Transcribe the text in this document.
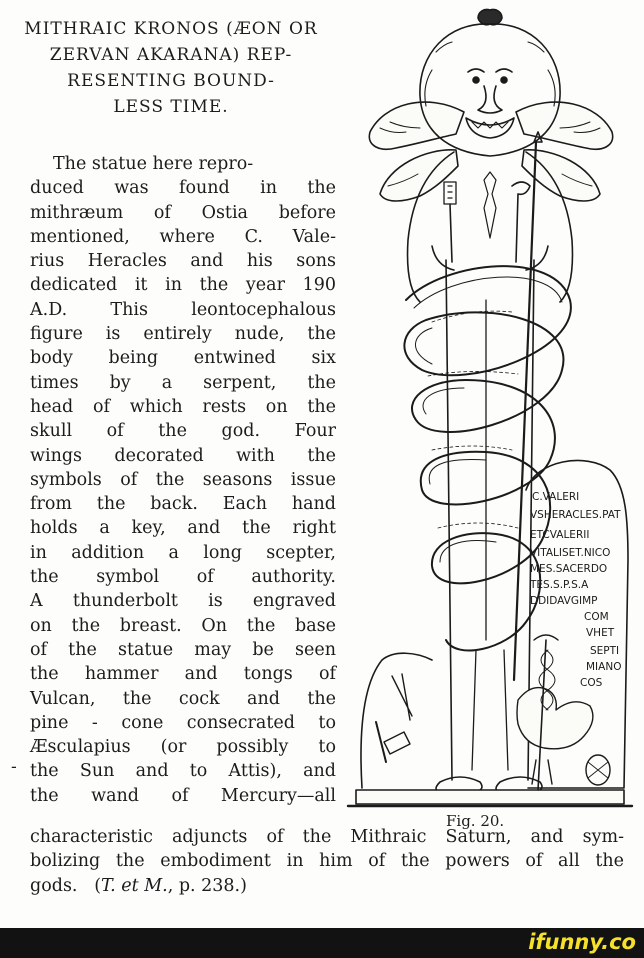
MITHRAIC KRONOS (ÆON OR
ZERVAN AKARANA) REP-
RESENTING BOUND-
LESS TIME.
The statue here repro-
duced was found in the
mithræum of Ostia before
mentioned, where C. Vale-
rius Heracles and his sons
dedicated it in the year 190
A.D. This leontocephalous
figure is entirely nude, the
body being entwined six
times by a serpent, the
head of which rests on the
skull of the god. Four
wings decorated with the
symbols of the seasons issue
from the back. Each hand
holds a key, and the right
in addition a long scepter,
the symbol of authority.
A thunderbolt is engraved
on the breast. On the base
of the statue may be seen
the hammer and tongs of
Vulcan, the cock and the
pine - cone consecrated to
Æsculapius (or possibly to
the Sun and to Attis), and
the wand of Mercury—all
-
characteristic adjuncts of the Mithraic Saturn, and sym-
bolizing the embodiment in him of the powers of all the
gods. (T. et M., p. 238.)
C.VALERI
VSHERACLES.PAT
ETCVALERII
VITALISET.NICO
MES.SACERDO
TES.S.P.S.A
DDIDAVGIMP
COM
VHET
SEPTI
MIANO
COS
Fig. 20.
ifunny.co
